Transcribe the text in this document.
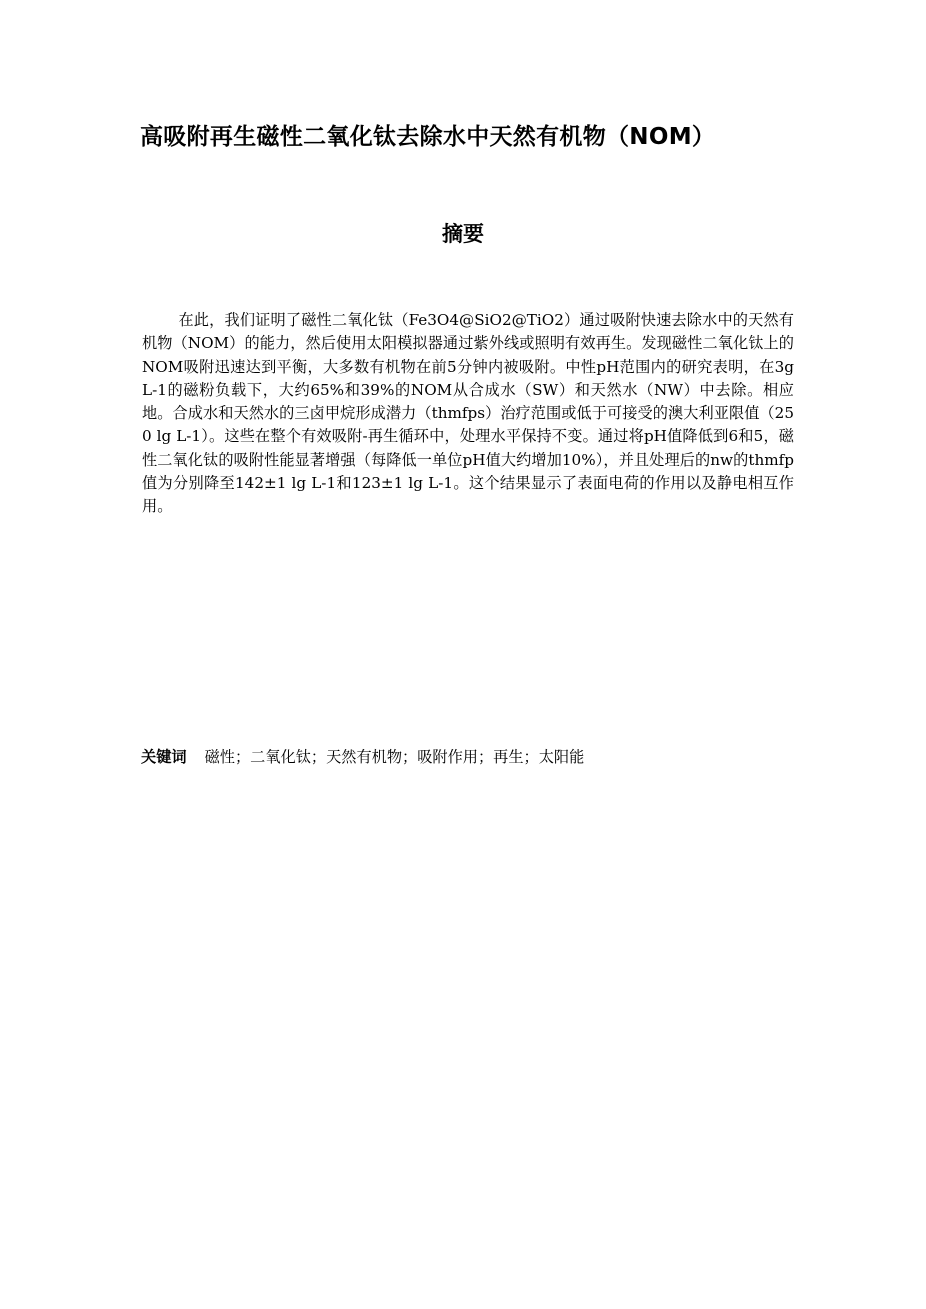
高吸附再生磁性二氧化钛去除水中天然有机物（NOM）
摘要

在此，我们证明了磁性二氧化钛（Fe3O4@SiO2@TiO2）通过吸附快速去除水中的天然有机物（NOM）的能力，然后使用太阳模拟器通过紫外线或照明有效再生。发现磁性二氧化钛上的NOM吸附迅速达到平衡，大多数有机物在前5分钟内被吸附。中性pH范围内的研究表明，在3g L-1的磁粉负载下，大约65%和39%的NOM从合成水（SW）和天然水（NW）中去除。相应地。合成水和天然水的三卤甲烷形成潜力（thmfps）治疗范围或低于可接受的澳大利亚限值（250 lg L-1）。这些在整个有效吸附-再生循环中，处理水平保持不变。通过将pH值降低到6和5，磁性二氧化钛的吸附性能显著增强（每降低一单位pH值大约增加10%），并且处理后的nw的thmfp值为分别降至142±1 lg L-1和123±1 lg L-1。这个结果显示了表面电荷的作用以及静电相互作用。

关键词 磁性；二氧化钛；天然有机物；吸附作用；再生；太阳能
